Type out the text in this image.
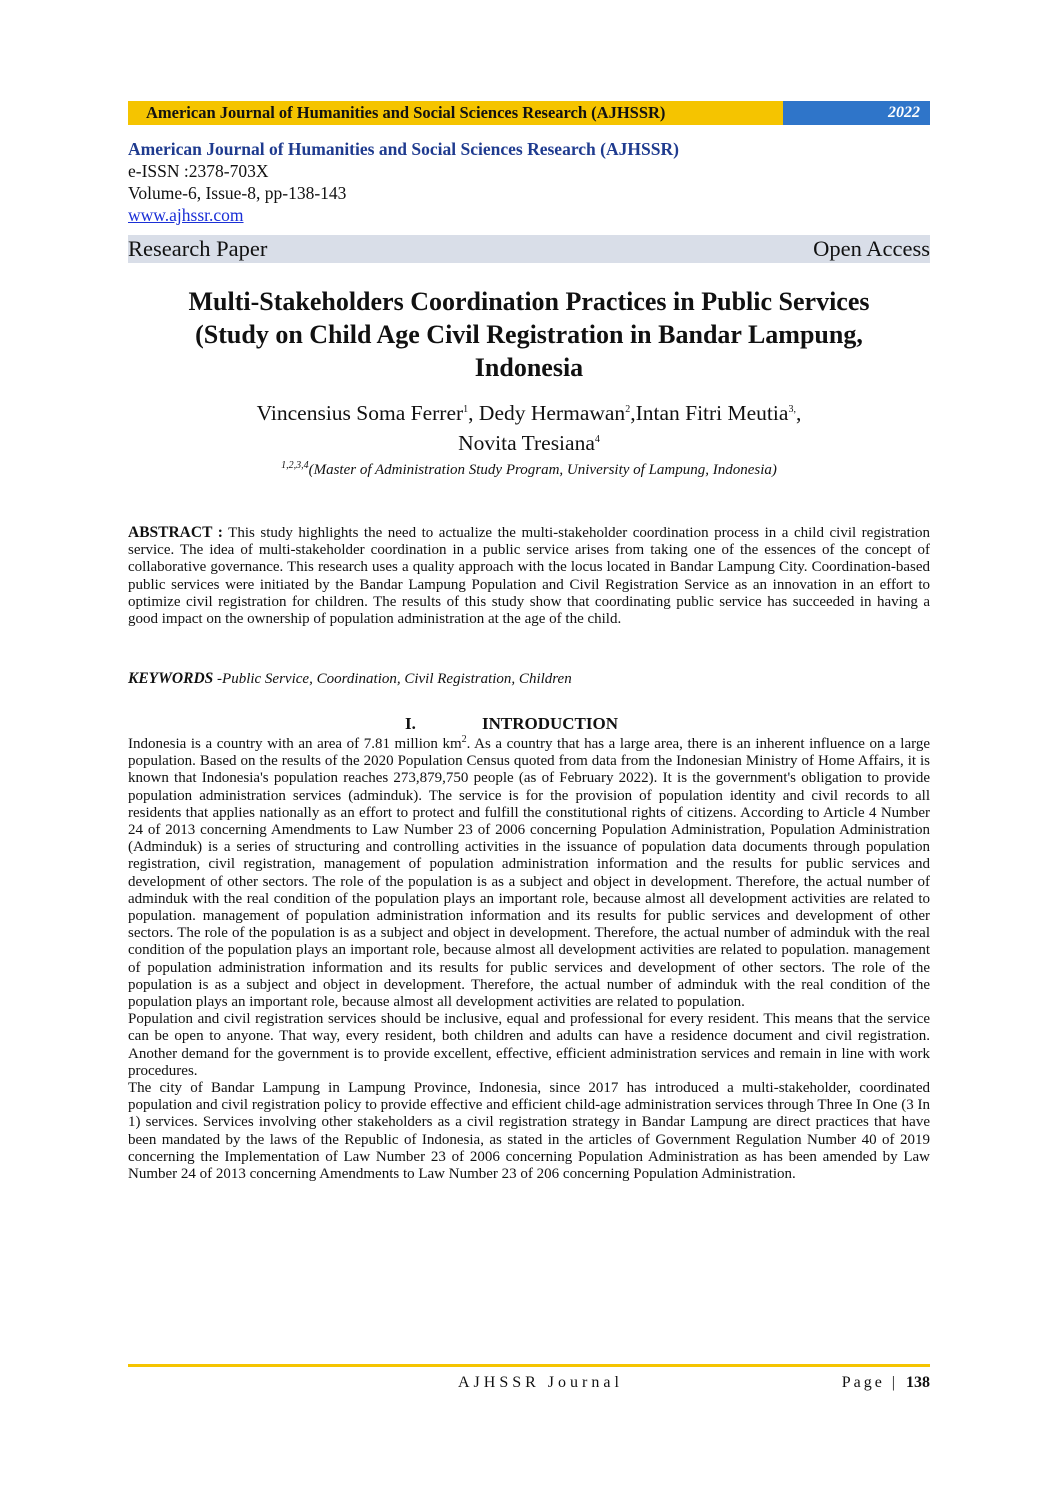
American Journal of Humanities and Social Sciences Research (AJHSSR)	2022
American Journal of Humanities and Social Sciences Research (AJHSSR)
e-ISSN :2378-703X
Volume-6, Issue-8, pp-138-143
www.ajhssr.com
Research Paper	Open Access
Multi-Stakeholders Coordination Practices in Public Services
(Study on Child Age Civil Registration in Bandar Lampung,
Indonesia
Vincensius Soma Ferrer$^1$, Dedy Hermawan$^2$,Intan Fitri Meutia$^{3,}$,
Novita Tresiana$^4$
$^{1,2,3,4}$(Master of Administration Study Program, University of Lampung, Indonesia)
ABSTRACT : This study highlights the need to actualize the multi-stakeholder coordination process in a child civil registration service. The idea of multi-stakeholder coordination in a public service arises from taking one of the essences of the concept of collaborative governance. This research uses a quality approach with the locus located in Bandar Lampung City. Coordination-based public services were initiated by the Bandar Lampung Population and Civil Registration Service as an innovation in an effort to optimize civil registration for children. The results of this study show that coordinating public service has succeeded in having a good impact on the ownership of population administration at the age of the child.
KEYWORDS -Public Service, Coordination, Civil Registration, Children
I.	INTRODUCTION

Indonesia is a country with an area of 7.81 million $km^2$. As a country that has a large area, there is an inherent influence on a large population. Based on the results of the 2020 Population Census quoted from data from the Indonesian Ministry of Home Affairs, it is known that Indonesia's population reaches 273,879,750 people (as of February 2022). It is the government's obligation to provide population administration services (adminduk). The service is for the provision of population identity and civil records to all residents that applies nationally as an effort to protect and fulfill the constitutional rights of citizens. According to Article 4 Number 24 of 2013 concerning Amendments to Law Number 23 of 2006 concerning Population Administration, Population Administration (Adminduk) is a series of structuring and controlling activities in the issuance of population data documents through population registration, civil registration, management of population administration information and the results for public services and development of other sectors. The role of the population is as a subject and object in development. Therefore, the actual number of adminduk with the real condition of the population plays an important role, because almost all development activities are related to population. management of population administration information and its results for public services and development of other sectors. The role of the population is as a subject and object in development. Therefore, the actual number of adminduk with the real condition of the population plays an important role, because almost all development activities are related to population. management of population administration information and its results for public services and development of other sectors. The role of the population is as a subject and object in development. Therefore, the actual number of adminduk with the real condition of the population plays an important role, because almost all development activities are related to population.

Population and civil registration services should be inclusive, equal and professional for every resident. This means that the service can be open to anyone. That way, every resident, both children and adults can have a residence document and civil registration. Another demand for the government is to provide excellent, effective, efficient administration services and remain in line with work procedures.

The city of Bandar Lampung in Lampung Province, Indonesia, since 2017 has introduced a multi-stakeholder, coordinated population and civil registration policy to provide effective and efficient child-age administration services through Three In One (3 In 1) services. Services involving other stakeholders as a civil registration strategy in Bandar Lampung are direct practices that have been mandated by the laws of the Republic of Indonesia, as stated in the articles of Government Regulation Number 40 of 2019 concerning the Implementation of Law Number 23 of 2006 concerning Population Administration as has been amended by Law Number 24 of 2013 concerning Amendments to Law Number 23 of 206 concerning Population Administration.

AJHSSR Journal	Page | 138
